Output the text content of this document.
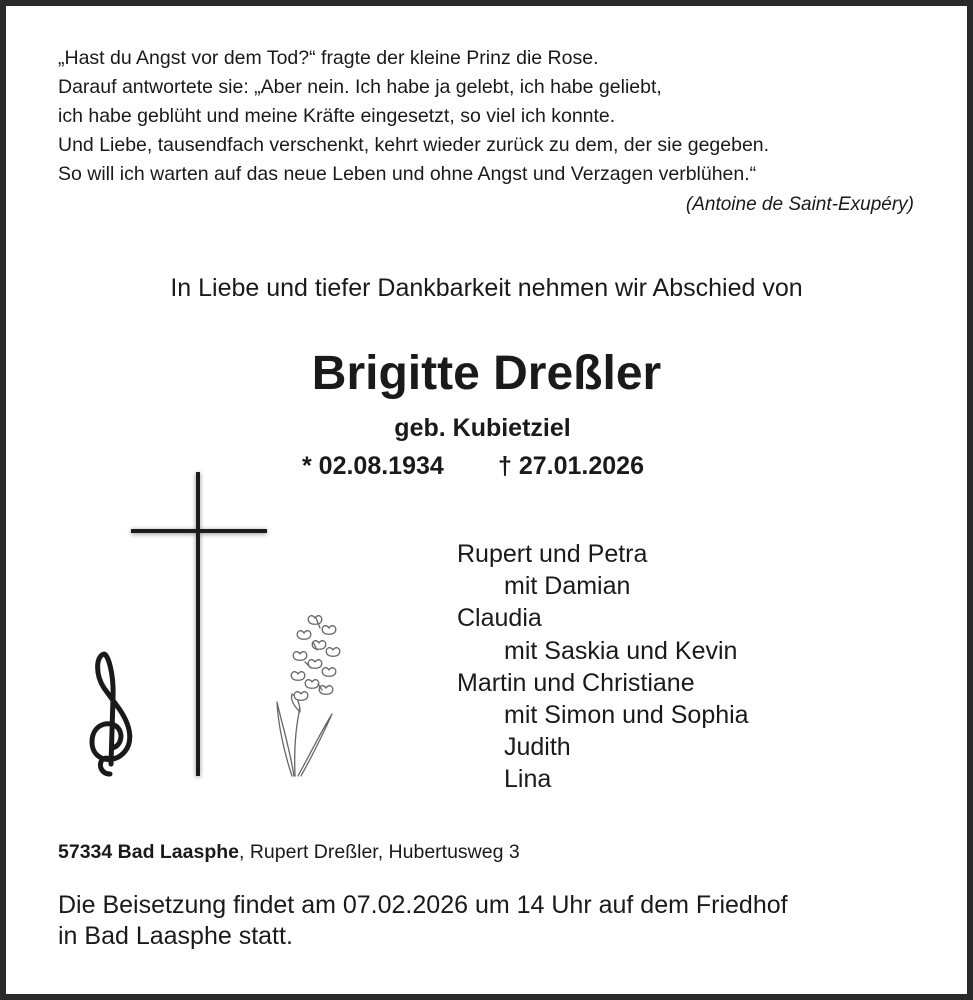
„Hast du Angst vor dem Tod?“ fragte der kleine Prinz die Rose.
Darauf antwortete sie: „Aber nein. Ich habe ja gelebt, ich habe geliebt,
ich habe geblüht und meine Kräfte eingesetzt, so viel ich konnte.
Und Liebe, tausendfach verschenkt, kehrt wieder zurück zu dem, der sie gegeben.
So will ich warten auf das neue Leben und ohne Angst und Verzagen verblühen.“
(Antoine de Saint-Exupéry)
In Liebe und tiefer Dankbarkeit nehmen wir Abschied von
Brigitte Dreßler
geb. Kubietziel
* 02.08.1934 † 27.01.2026
Rupert und Petra
mit Damian
Claudia
mit Saskia und Kevin
Martin und Christiane
mit Simon und Sophia
Judith
Lina
57334 Bad Laasphe, Rupert Dreßler, Hubertusweg 3
Die Beisetzung findet am 07.02.2026 um 14 Uhr auf dem Friedhof
in Bad Laasphe statt.
